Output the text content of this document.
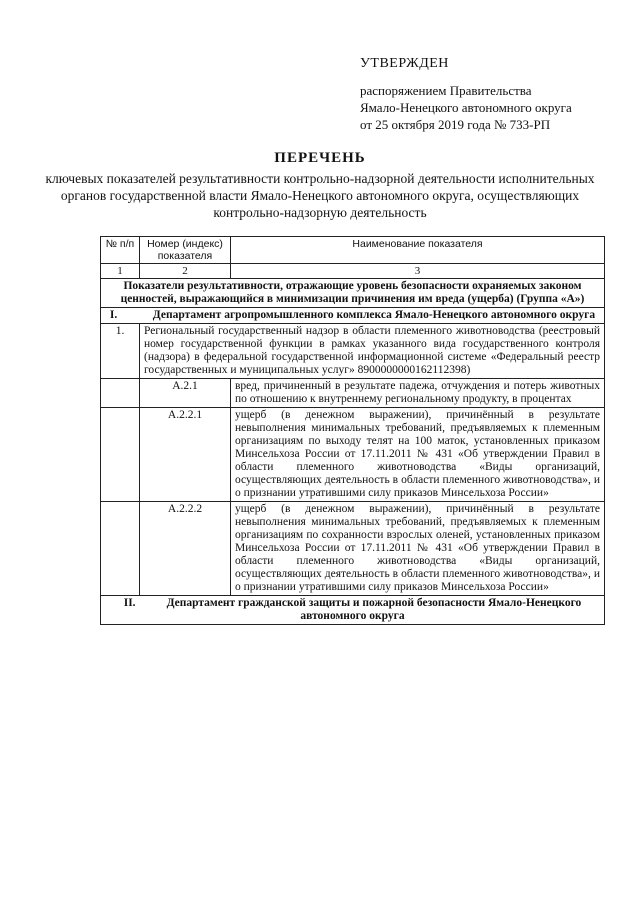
УТВЕРЖДЕН
распоряжением Правительства
Ямало-Ненецкого автономного округа
от 25 октября 2019 года № 733-РП
ПЕРЕЧЕНЬ
ключевых показателей результативности контрольно-надзорной деятельности исполнительных органов государственной власти Ямало-Ненецкого автономного округа, осуществляющих контрольно-надзорную деятельность
№ п/п	Номер (индекс) показателя	Наименование показателя
1	2	3
Показатели результативности, отражающие уровень безопасности охраняемых законом ценностей, выражающийся в минимизации причинения им вреда (ущерба) (Группа «А»)		
I. Департамент агропромышленного комплекса Ямало-Ненецкого автономного округа		
1.	Региональный государственный надзор в области племенного животноводства (реестровый номер государственной функции в рамках указанного вида государственного контроля (надзора) в федеральной государственной информационной системе «Федеральный реестр государственных и муниципальных услуг» 8900000000162112398)	
	А.2.1	вред, причиненный в результате падежа, отчуждения и потерь животных по отношению к внутреннему региональному продукту, в процентах
	А.2.2.1	ущерб (в денежном выражении), причинённый в результате невыполнения минимальных требований, предъявляемых к племенным организациям по выходу телят на 100 маток, установленных приказом Минсельхоза России от 17.11.2011 № 431 «Об утверждении Правил в области племенного животноводства «Виды организаций, осуществляющих деятельность в области племенного животноводства», и о признании утратившими силу приказов Минсельхоза России»
	А.2.2.2	ущерб (в денежном выражении), причинённый в результате невыполнения минимальных требований, предъявляемых к племенным организациям по сохранности взрослых оленей, установленных приказом Минсельхоза России от 17.11.2011 № 431 «Об утверждении Правил в области племенного животноводства «Виды организаций, осуществляющих деятельность в области племенного животноводства», и о признании утратившими силу приказов Минсельхоза России»
II. Департамент гражданской защиты и пожарной безопасности Ямало-Ненецкого автономного округа		
